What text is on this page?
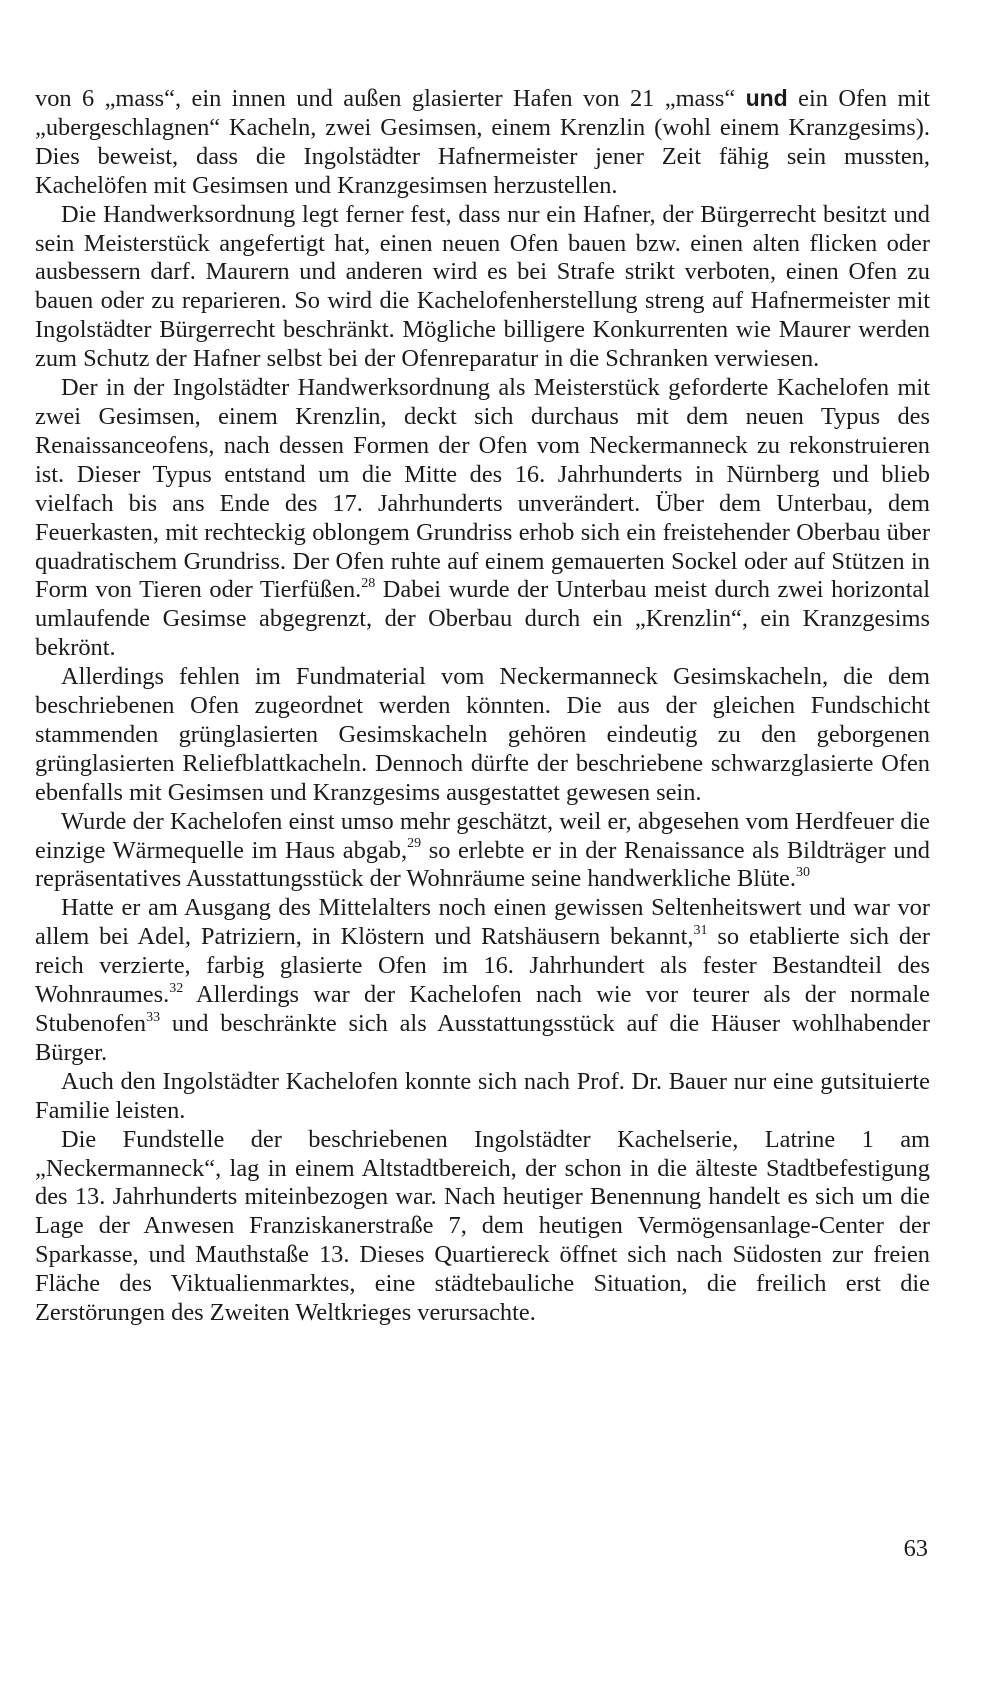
von 6 „mass“, ein innen und außen glasierter Hafen von 21 „mass“ und ein Ofen mit „ubergeschlagnen“ Kacheln, zwei Gesimsen, einem Krenzlin (wohl einem Kranzgesims). Dies beweist, dass die Ingolstädter Hafnermeister jener Zeit fähig sein mussten, Kachelöfen mit Gesimsen und Kranzgesimsen herzustellen.

Die Handwerksordnung legt ferner fest, dass nur ein Hafner, der Bürgerrecht besitzt und sein Meisterstück angefertigt hat, einen neuen Ofen bauen bzw. einen alten flicken oder ausbessern darf. Maurern und anderen wird es bei Strafe strikt verboten, einen Ofen zu bauen oder zu reparieren. So wird die Kachelofenherstellung streng auf Hafnermeister mit Ingolstädter Bürgerrecht beschränkt. Mögliche billigere Konkurrenten wie Maurer werden zum Schutz der Hafner selbst bei der Ofenreparatur in die Schranken verwiesen.

Der in der Ingolstädter Handwerksordnung als Meisterstück geforderte Kachelofen mit zwei Gesimsen, einem Krenzlin, deckt sich durchaus mit dem neuen Typus des Renaissanceofens, nach dessen Formen der Ofen vom Neckermanneck zu rekonstruieren ist. Dieser Typus entstand um die Mitte des 16. Jahrhunderts in Nürnberg und blieb vielfach bis ans Ende des 17. Jahrhunderts unverändert. Über dem Unterbau, dem Feuerkasten, mit rechteckig oblongem Grundriss erhob sich ein freistehender Oberbau über quadratischem Grundriss. Der Ofen ruhte auf einem gemauerten Sockel oder auf Stützen in Form von Tieren oder Tierfüßen.$^{28}$ Dabei wurde der Unterbau meist durch zwei horizontal umlaufende Gesimse abgegrenzt, der Oberbau durch ein „Krenzlin“, ein Kranzgesims bekrönt.

Allerdings fehlen im Fundmaterial vom Neckermanneck Gesimskacheln, die dem beschriebenen Ofen zugeordnet werden könnten. Die aus der gleichen Fundschicht stammenden grünglasierten Gesimskacheln gehören eindeutig zu den geborgenen grünglasierten Reliefblattkacheln. Dennoch dürfte der beschriebene schwarzglasierte Ofen ebenfalls mit Gesimsen und Kranzgesims ausgestattet gewesen sein.

Wurde der Kachelofen einst umso mehr geschätzt, weil er, abgesehen vom Herdfeuer die einzige Wärmequelle im Haus abgab,$^{29}$ so erlebte er in der Renaissance als Bildträger und repräsentatives Ausstattungsstück der Wohnräume seine handwerkliche Blüte.$^{30}$

Hatte er am Ausgang des Mittelalters noch einen gewissen Seltenheitswert und war vor allem bei Adel, Patriziern, in Klöstern und Ratshäusern bekannt,$^{31}$ so etablierte sich der reich verzierte, farbig glasierte Ofen im 16. Jahrhundert als fester Bestandteil des Wohnraumes.$^{32}$ Allerdings war der Kachelofen nach wie vor teurer als der normale Stubenofen$^{33}$ und beschränkte sich als Ausstattungsstück auf die Häuser wohlhabender Bürger.

Auch den Ingolstädter Kachelofen konnte sich nach Prof. Dr. Bauer nur eine gutsituierte Familie leisten.

Die Fundstelle der beschriebenen Ingolstädter Kachelserie, Latrine 1 am „Neckermanneck“, lag in einem Altstadtbereich, der schon in die älteste Stadtbefestigung des 13. Jahrhunderts miteinbezogen war. Nach heutiger Benennung handelt es sich um die Lage der Anwesen Franziskanerstraße 7, dem heutigen Vermögensanlage-Center der Sparkasse, und Mauthstaße 13. Dieses Quartiereck öffnet sich nach Südosten zur freien Fläche des Viktualienmarktes, eine städtebauliche Situation, die freilich erst die Zerstörungen des Zweiten Weltkrieges verursachte.

63
